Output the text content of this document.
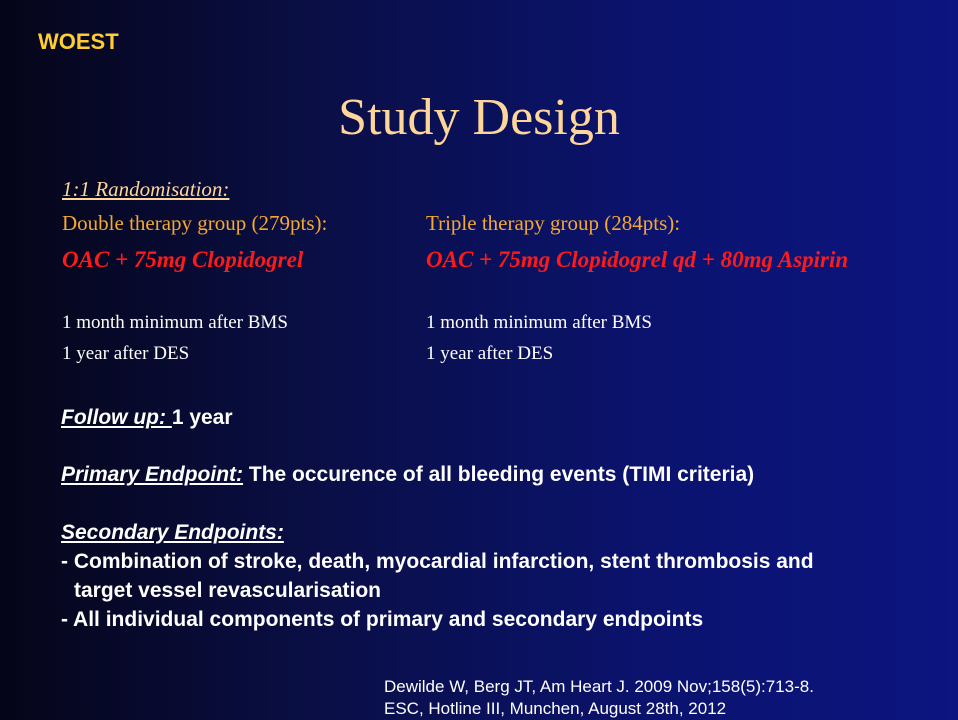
WOEST
Study Design
1:1 Randomisation:
Double therapy group (279pts):
OAC + 75mg Clopidogrel
1 month minimum after BMS
1 year after DES
Triple therapy group (284pts):
OAC + 75mg Clopidogrel qd + 80mg Aspirin
1 month minimum after BMS
1 year after DES
Follow up: 1 year
Primary Endpoint: The occurence of all bleeding events (TIMI criteria)
Secondary Endpoints:
- Combination of stroke, death, myocardial infarction, stent thrombosis and
target vessel revascularisation
- All individual components of primary and secondary endpoints
Dewilde W, Berg JT, Am Heart J. 2009 Nov;158(5):713-8.
ESC, Hotline III, Munchen, August 28th, 2012
